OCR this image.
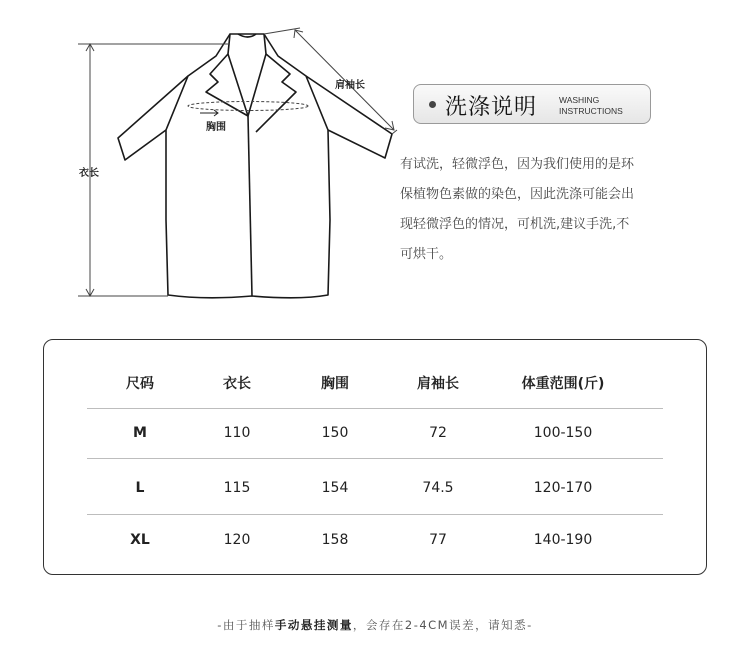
肩袖长
胸围
衣长
洗涤说明	WASHING
INSTRUCTIONS
有试洗，轻微浮色，因为我们使用的是环
保植物色素做的染色，因此洗涤可能会出
现轻微浮色的情况，可机洗,建议手洗,不
可烘干。
尺码	衣长	胸围	肩袖长	体重范围(斤)
M	110	150	72	100-150
L	115	154	74.5	120-170
XL	120	158	77	140-190
-由于抽样手动悬挂测量，会存在2-4CM误差，请知悉-
